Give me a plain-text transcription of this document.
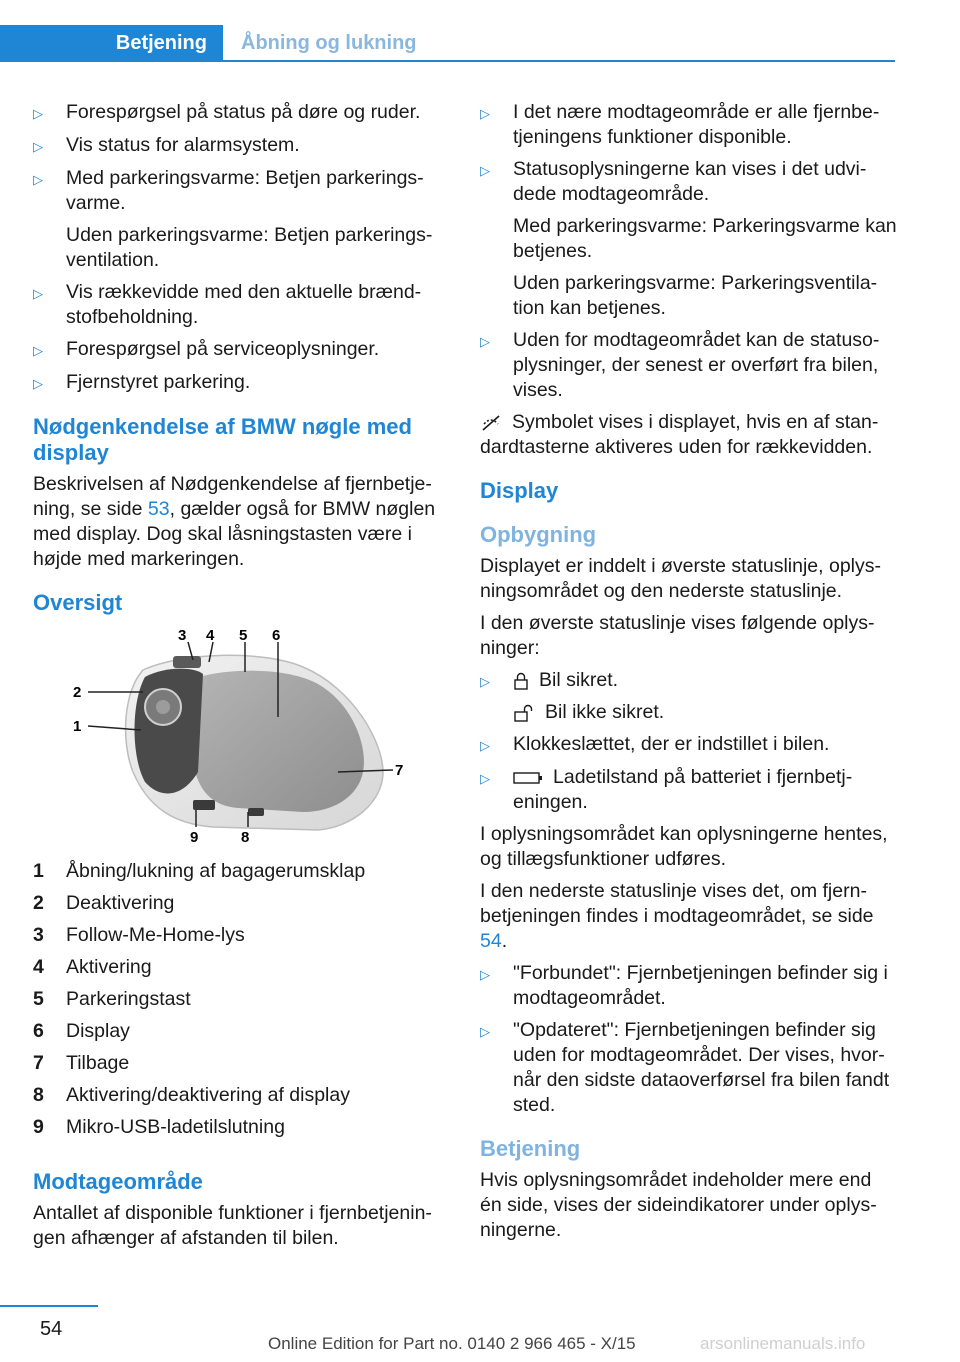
Betjening	Åbning og lukning
▷	Forespørgsel på status på døre og ruder.

▷	Vis status for alarmsystem.

▷	Med parkeringsvarme: Betjen parkeringsvarme.

Uden parkeringsvarme: Betjen parkeringsventilation.

▷	Vis rækkevidde med den aktuelle brændstofbeholdning.

▷	Forespørgsel på serviceoplysninger.

▷	Fjernstyret parkering.

Nødgenkendelse af BMW nøgle med display

Beskrivelsen af Nødgenkendelse af fjernbetjening, se side 53, gælder også for BMW nøglen med display. Dog skal låsningstasten være i højde med markeringen.

Oversigt
3 4 5 6
2
1
7
9	8
1	Åbning/lukning af bagagerumsklap
2	Deaktivering
3	Follow-Me-Home-lys
4	Aktivering
5	Parkeringstast
6	Display
7	Tilbage
8	Aktivering/deaktivering af display
9	Mikro-USB-ladetilslutning
Modtageområde

Antallet af disponible funktioner i fjernbetjeningen afhænger af afstanden til bilen.

▷	I det nære modtageområde er alle fjernbetjeningens funktioner disponible.

▷	Statusoplysningerne kan vises i det udvidede modtageområde.

Med parkeringsvarme: Parkeringsvarme kan betjenes.

Uden parkeringsvarme: Parkeringsventilation kan betjenes.

▷	Uden for modtageområdet kan de statusoplysninger, der senest er overført fra bilen, vises.

Symbolet vises i displayet, hvis en af standardtasterne aktiveres uden for rækkevidden.

Display
Opbygning

Displayet er inddelt i øverste statuslinje, oplysningsområdet og den nederste statuslinje.

I den øverste statuslinje vises følgende oplysninger:

▷	Bil sikret.

Bil ikke sikret.

▷	Klokkeslættet, der er indstillet i bilen.

▷	Ladetilstand på batteriet i fjernbetjeningen.

I oplysningsområdet kan oplysningerne hentes, og tillægsfunktioner udføres.

I den nederste statuslinje vises det, om fjernbetjeningen findes i modtageområdet, se side 54.

▷	"Forbundet": Fjernbetjeningen befinder sig i modtageområdet.

▷	"Opdateret": Fjernbetjeningen befinder sig uden for modtageområdet. Der vises, hvornår den sidste dataoverførsel fra bilen fandt sted.

Betjening

Hvis oplysningsområdet indeholder mere end én side, vises der sideindikatorer under oplysningerne.

54
Online Edition for Part no. 0140 2 966 465 - X/15	arsonlinemanuals.info
